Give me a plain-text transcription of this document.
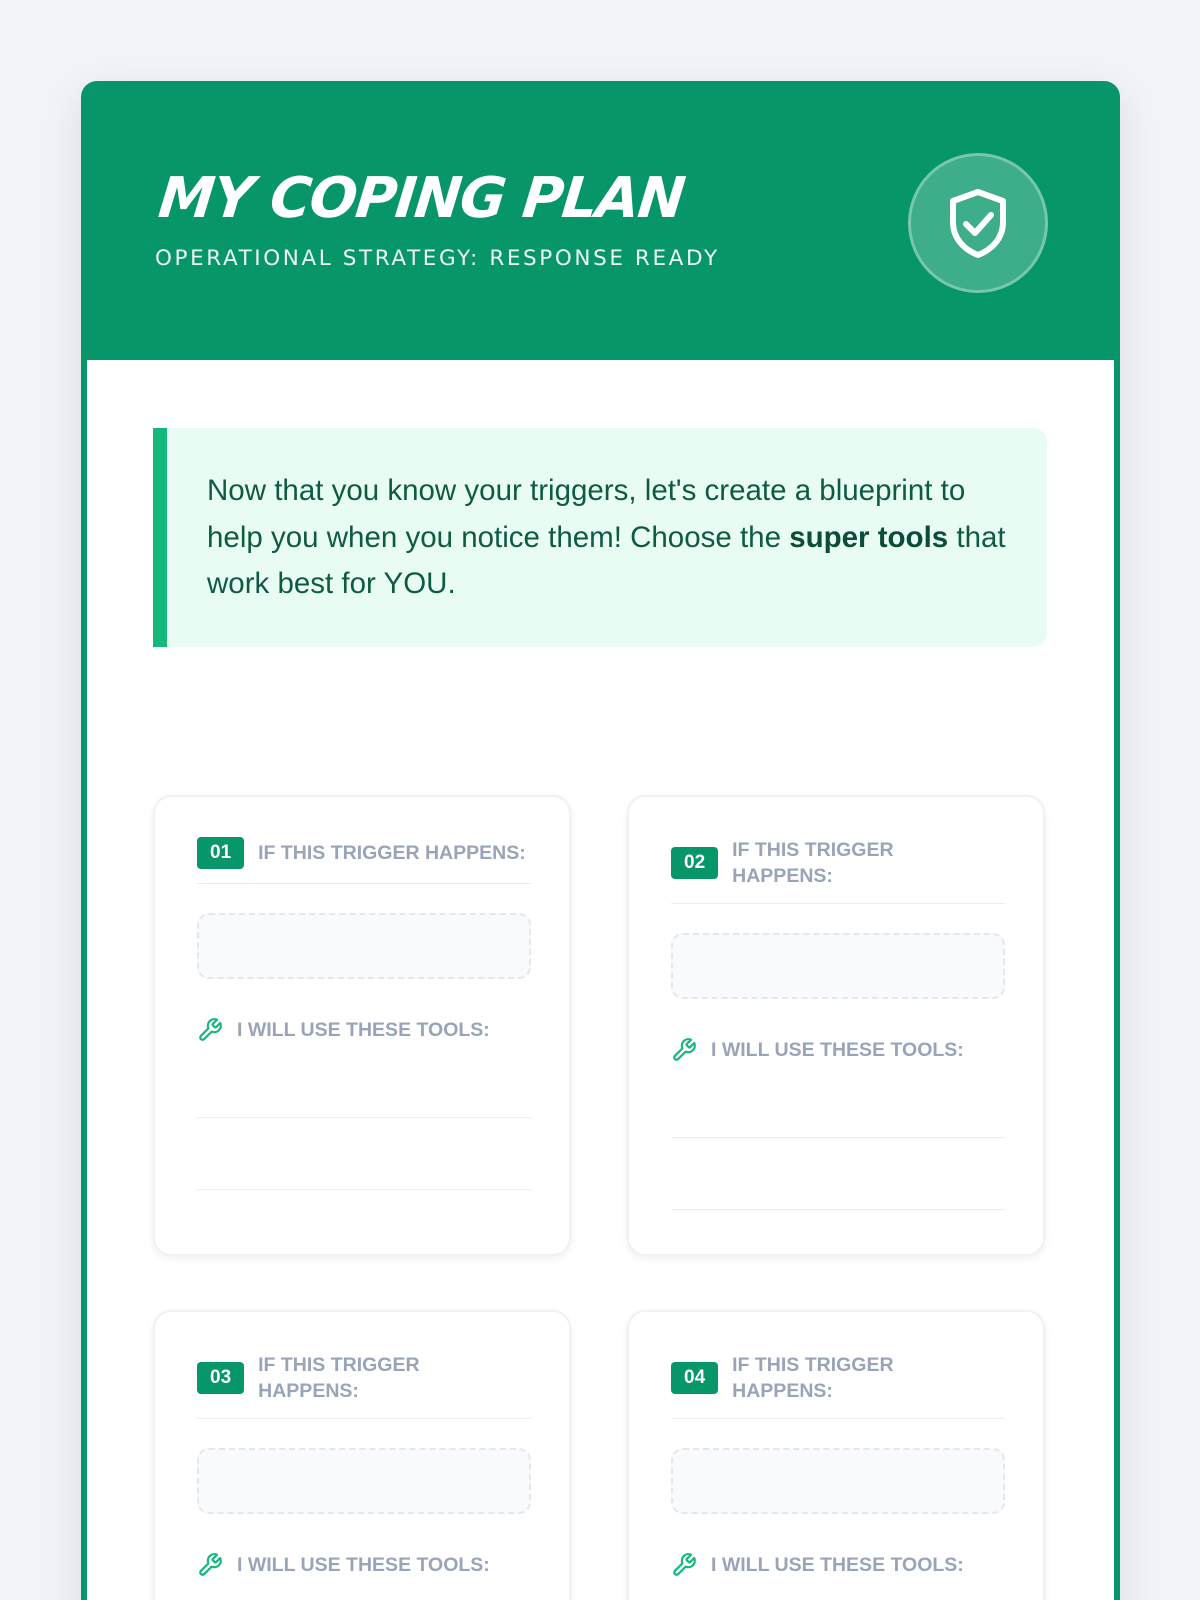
MY COPING PLAN
OPERATIONAL STRATEGY: RESPONSE READY
Now that you know your triggers, let's create a blueprint to help you when you notice them! Choose the super tools that work best for YOU.
01	IF THIS TRIGGER HAPPENS:
I WILL USE THESE TOOLS:
02
IF THIS TRIGGER HAPPENS:
I WILL USE THESE TOOLS:
03
IF THIS TRIGGER HAPPENS:
I WILL USE THESE TOOLS:
04
IF THIS TRIGGER HAPPENS:
I WILL USE THESE TOOLS:
